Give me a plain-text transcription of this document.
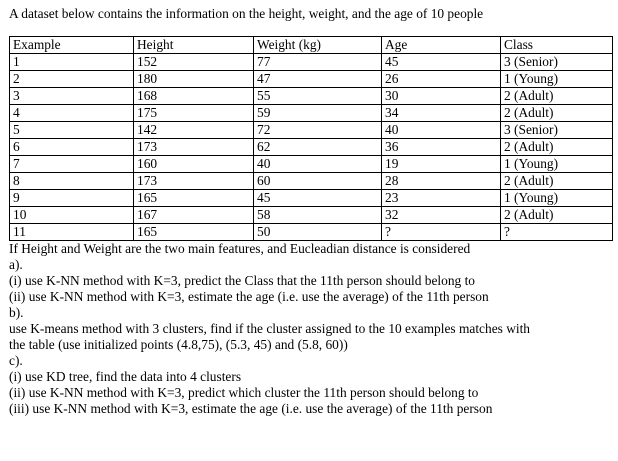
A dataset below contains the information on the height, weight, and the age of 10 people
Example	Height	Weight (kg)	Age	Class
1	152	77	45	3 (Senior)
2	180	47	26	1 (Young)
3	168	55	30	2 (Adult)
4	175	59	34	2 (Adult)
5	142	72	40	3 (Senior)
6	173	62	36	2 (Adult)
7	160	40	19	1 (Young)
8	173	60	28	2 (Adult)
9	165	45	23	1 (Young)
10	167	58	32	2 (Adult)
11	165	50	?	?
If Height and Weight are the two main features, and Eucleadian distance is considered
a).
(i) use K-NN method with K=3, predict the Class that the 11th person should belong to
(ii) use K-NN method with K=3, estimate the age (i.e. use the average) of the 11th person
b).
use K-means method with 3 clusters, find if the cluster assigned to the 10 examples matches with
the table (use initialized points (4.8,75), (5.3, 45) and (5.8, 60))
c).
(i) use KD tree, find the data into 4 clusters
(ii) use K-NN method with K=3, predict which cluster the 11th person should belong to
(iii) use K-NN method with K=3, estimate the age (i.e. use the average) of the 11th person
